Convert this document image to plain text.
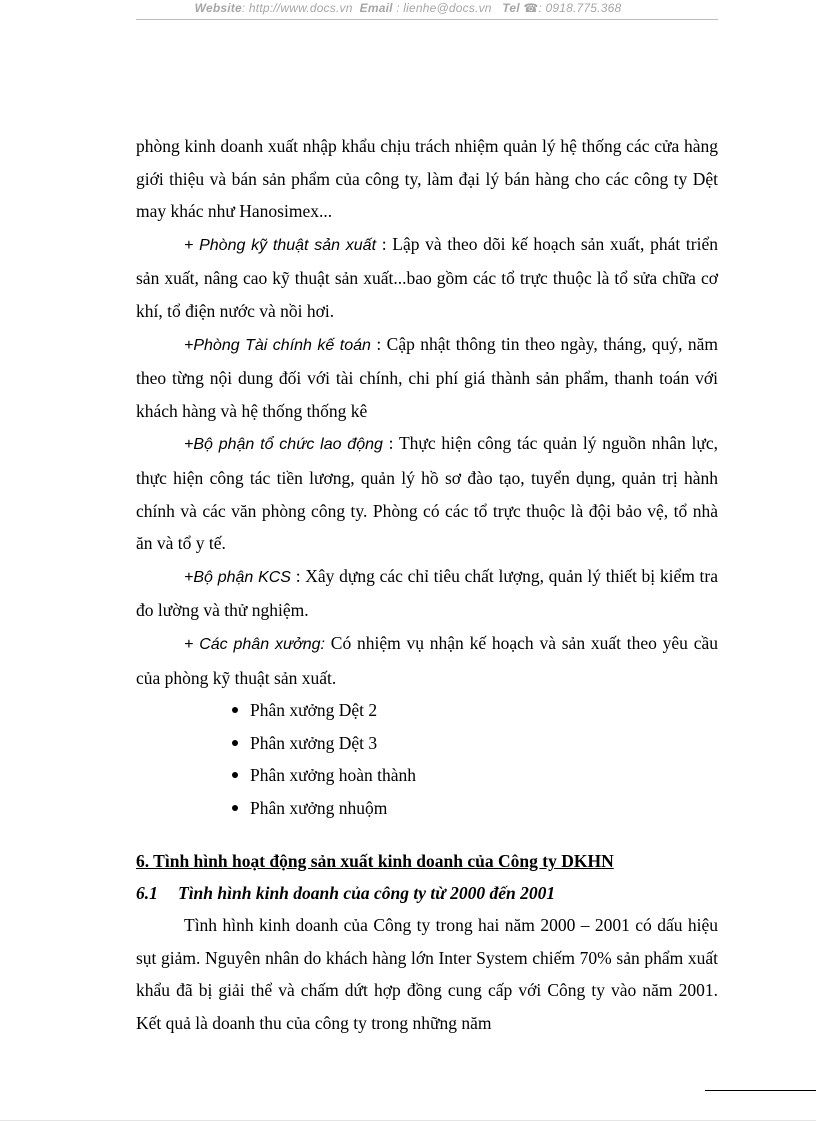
Website: http://www.docs.vn Email : lienhe@docs.vn Tel ☎: 0918.775.368

phòng kinh doanh xuất nhập khẩu chịu trách nhiệm quản lý hệ thống các cửa hàng giới thiệu và bán sản phẩm của công ty, làm đại lý bán hàng cho các công ty Dệt may khác như Hanosimex...

+ Phòng kỹ thuật sản xuất : Lập và theo dõi kế hoạch sản xuất, phát triển sản xuất, nâng cao kỹ thuật sản xuất...bao gồm các tổ trực thuộc là tổ sửa chữa cơ khí, tổ điện nước và nồi hơi.

+Phòng Tài chính kế toán : Cập nhật thông tin theo ngày, tháng, quý, năm theo từng nội dung đối với tài chính, chi phí giá thành sản phẩm, thanh toán với khách hàng và hệ thống thống kê

+Bộ phận tổ chức lao động : Thực hiện công tác quản lý nguồn nhân lực, thực hiện công tác tiền lương, quản lý hồ sơ đào tạo, tuyển dụng, quản trị hành chính và các văn phòng công ty. Phòng có các tổ trực thuộc là đội bảo vệ, tổ nhà ăn và tổ y tế.

+Bộ phận KCS : Xây dựng các chỉ tiêu chất lượng, quản lý thiết bị kiểm tra đo lường và thử nghiệm.

+ Các phân xưởng: Có nhiệm vụ nhận kế hoạch và sản xuất theo yêu cầu của phòng kỹ thuật sản xuất.

Phân xưởng Dệt 2
Phân xưởng Dệt 3
Phân xưởng hoàn thành
Phân xưởng nhuộm
6. Tình hình hoạt động sản xuất kinh doanh của Công ty DKHN
6.1 Tình hình kinh doanh của công ty từ 2000 đến 2001

Tình hình kinh doanh của Công ty trong hai năm 2000 – 2001 có dấu hiệu sụt giảm. Nguyên nhân do khách hàng lớn Inter System chiếm 70% sản phẩm xuất khẩu đã bị giải thể và chấm dứt hợp đồng cung cấp với Công ty vào năm 2001. Kết quả là doanh thu của công ty trong những năm
